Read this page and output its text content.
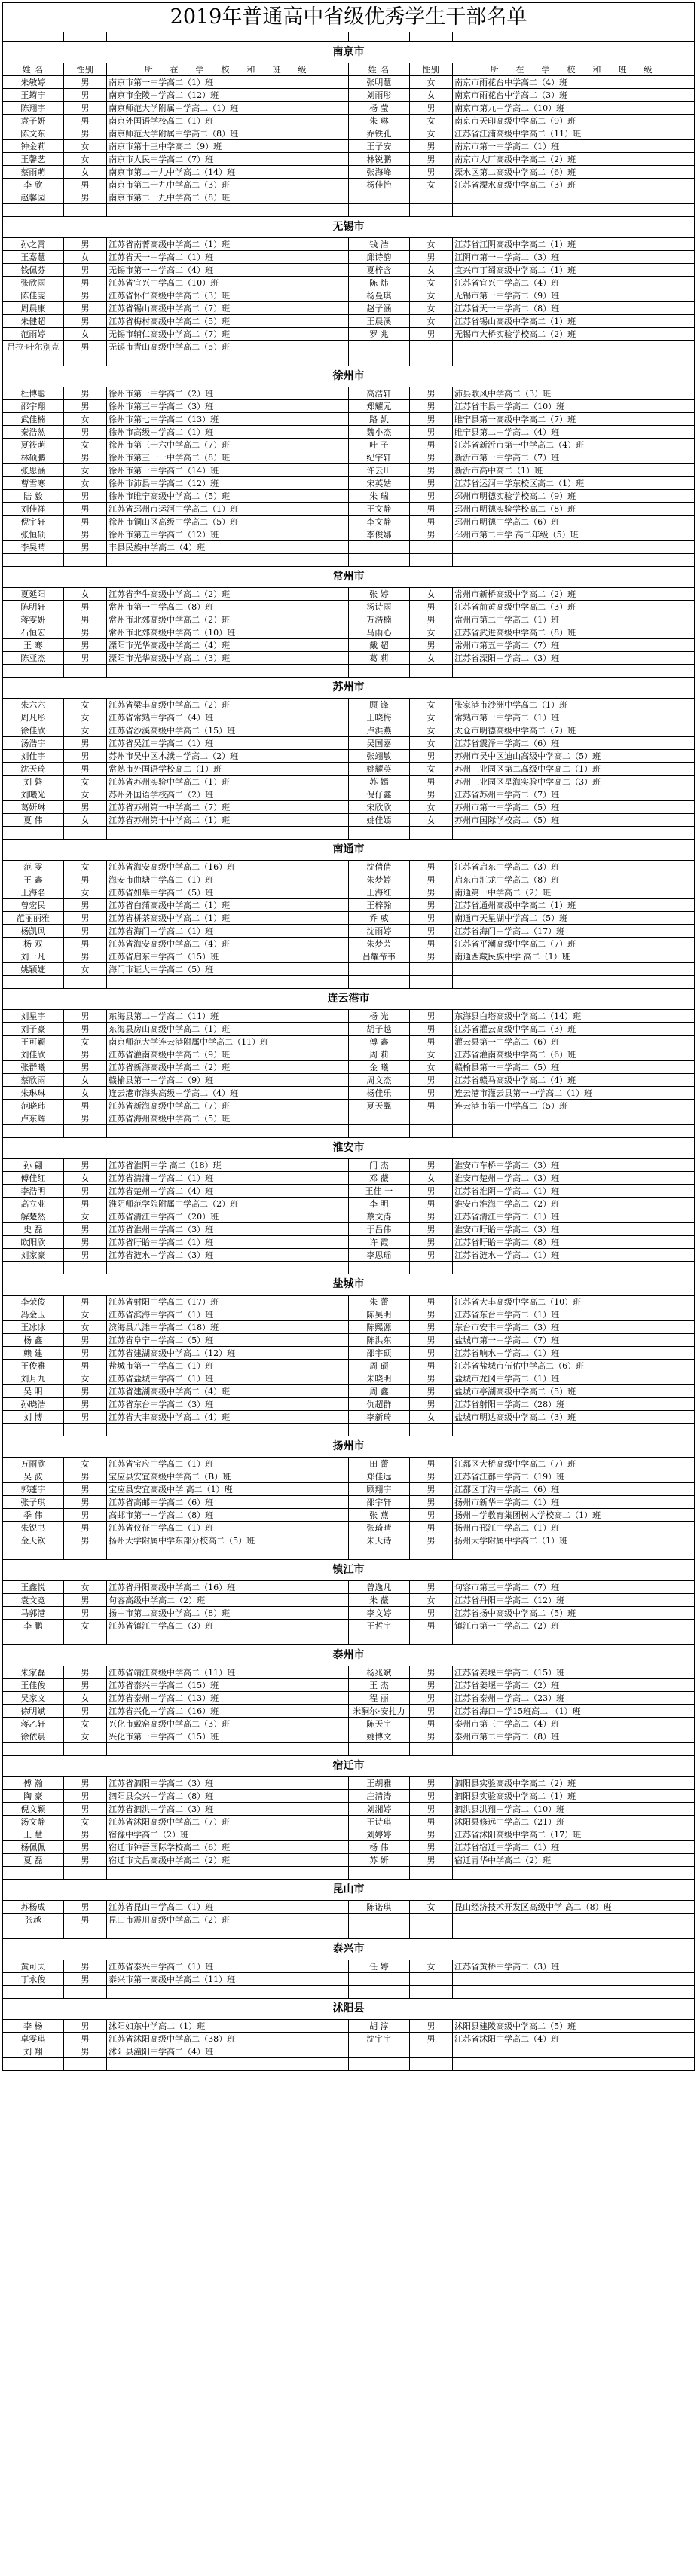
2019年普通高中省级优秀学生干部名单

南京市					
姓 名	性别	所　在　学　校　和　班　级	姓 名	性别	所　在　学　校　和　班　级
朱敏婷	男	南京市第一中学高二（1）班	张明慧	女	南京市雨花台中学高二（4）班
王筠宁	男	南京市金陵中学高二（12）班	刘雨彤	女	南京市雨花台中学高二（3）班
陈翔宇	男	南京师范大学附属中学高二（1）班	杨 莹	男	南京市第九中学高二（10）班
袁子妍	男	南京外国语学校高二（1）班	朱 琳	女	南京市天印高级中学高二（9）班
陈文东	男	南京师范大学附属中学高二（8）班	乔铁孔	女	江苏省江浦高级中学高二（11）班
钟金莉	女	南京市第十三中学高二（9）班	王子安	男	南京市第一中学高二（1）班
王馨艺	女	南京市人民中学高二（7）班	林锐鹏	男	南京市大厂高级中学高二（2）班
蔡雨萌	女	南京市第二十九中学高二（14）班	张海峰	男	溧水区第二高级中学高二（6）班
李 欣	男	南京市第二十九中学高二（3）班	杨佳怡	女	江苏省溧水高级中学高二（3）班
赵馨园	男	南京市第二十九中学高二（8）班			

无锡市					
孙之霄	男	江苏省南菁高级中学高二（1）班	钱 浩	女	江苏省江阴高级中学高二（1）班
王嘉慧	女	江苏省天一中学高二（1）班	邱诗韵	男	江阴市第一中学高二（3）班
钱佩芬	男	无锡市第一中学高二（4）班	夏梓含	女	宜兴市丁蜀高级中学高二（1）班
张欣雨	男	江苏省宜兴中学高二（10）班	陈 炜	女	江苏省宜兴中学高二（4）班
陈佳雯	男	江苏省怀仁高级中学高二（3）班	杨曼琪	女	无锡市第一中学高二（9）班
周晨康	男	江苏省锡山高级中学高二（7）班	赵子涵	女	江苏省天一中学高二（8）班
朱健超	男	江苏省梅村高级中学高二（5）班	王晨溪	女	江苏省锡山高级中学高二（1）班
范雨婷	女	无锡市辅仁高级中学高二（7）班	罗 兆	男	无锡市大桥实验学校高二（2）班
吕拉·叶尔别克	男	无锡市青山高级中学高二（5）班			

徐州市					
杜博聪	男	徐州市第一中学高二（2）班	高浩轩	男	沛县歌风中学高二（3）班
邵宇翔	男	徐州市第三中学高二（3）班	郑耀元	男	江苏省丰县中学高二（10）班
武佳楠	女	徐州市第七中学高二（13）班	路 凯	男	睢宁县第一高级中学高二（7）班
秦浩然	男	徐州市高级中学高二（1）班	魏小杰	男	睢宁县第二中学高二（4）班
夏筱萌	女	徐州市第三十六中学高二（7）班	叶 子	男	江苏省新沂市第一中学高二（4）班
林硕鹏	男	徐州市第三十一中学高二（8）班	纪宇轩	男	新沂市第一中学高二（7）班
张思涵	女	徐州市第一中学高二（14）班	许云川	男	新沂市高中高二（1）班
曹雪寒	女	徐州市沛县中学高二（12）班	宋英姑	男	江苏省运河中学东校区高二（1）班
陆 毅	男	徐州市睢宁高级中学高二（5）班	朱 瑞	男	邳州市明德实验学校高二（9）班
刘佳祥	男	江苏省邳州市运河中学高二（1）班	王文静	男	邳州市明德实验学校高二（8）班
倪宇轩	男	徐州市铜山区高级中学高二（5）班	李文静	男	邳州市明德中学高二（6）班
张恒硕	男	徐州市第五中学高二（12）班	李俊娜	男	邳州市第二中学 高二年级（5）班
李昊晴	男	丰县民族中学高二（4）班			

常州市					
夏延阳	女	江苏省奔牛高级中学高二（2）班	张 婷	女	常州市新桥高级中学高二（2）班
陈明轩	男	常州市第一中学高二（8）班	汤诗雨	男	江苏省前黄高级中学高二（3）班
蒋雯妍	男	常州市北郊高级中学高二（2）班	万浩楠	男	常州市第二中学高二（1）班
石恒宏	男	常州市北郊高级中学高二（10）班	马雨心	女	江苏省武进高级中学高二（8）班
王 骞	男	溧阳市光华高级中学高二（4）班	戴 超	男	常州市第五中学高二（7）班
陈亚杰	男	溧阳市光华高级中学高二（3）班	葛 莉	女	江苏省溧阳中学高二（3）班

苏州市					
朱六六	女	江苏省梁丰高级中学高二（2）班	顾 锋	女	张家港市沙洲中学高二（1）班
周凡彤	女	江苏省常熟中学高二（4）班	王晓梅	女	常熟市第一中学高二（1）班
徐佳欣	女	江苏省沙溪高级中学高二（15）班	卢洪燕	女	太仓市明德高级中学高二（7）班
汤浩宇	男	江苏省吴江中学高二（1）班	吴国嘉	女	江苏省震泽中学高二（6）班
刘仕宇	男	苏州市吴中区木渎中学高二（2）班	张翊敏	男	苏州市吴中区迪山高级中学高二（5）班
沈天琦	男	常熟市外国语学校高二（1）班	姚耀英	女	苏州工业园区第二高级中学高二（1）班
刘 磬	女	江苏省苏州实验中学高二（1）班	苏 嫣	男	苏州工业园区星海实验中学高二（3）班
刘曦光	女	苏州外国语学校高二（2）班	倪仔鑫	男	江苏省苏州中学高二（7）班
葛妍琳	男	江苏省苏州第一中学高二（7）班	宋欣欣	女	苏州市第一中学高二（5）班
夏 伟	女	江苏省苏州第十中学高二（1）班	姚佳嫣	女	苏州市国际学校高二（5）班

南通市					
范 雯	女	江苏省海安高级中学高二（16）班	沈倩倩	男	江苏省启东中学高二（3）班
王 鑫	男	海安市曲塘中学高二（1）班	朱梦婷	男	启东市汇龙中学高二（8）班
王海名	女	江苏省如皋中学高二（5）班	王海红	男	南通第一中学高二（2）班
曾宏民	男	江苏省白蒲高级中学高二（1）班	王梓翰	男	江苏省通州高级中学高二（1）班
范丽丽雅	男	江苏省栟茶高级中学高二（1）班	乔 威	男	南通市天星湖中学高二（5）班
杨凯风	男	江苏省海门中学高二（1）班	沈雨婷	男	江苏省海门中学高二（17）班
杨 双	男	江苏省海安高级中学高二（4）班	朱梦芸	男	江苏省平潮高级中学高二（7）班
刘一凡	男	江苏省启东中学高二（15）班	吕耀帝韦	男	南通西藏民族中学 高二（1）班
姚颖婕	女	海门市证大中学高二（5）班			

连云港市					
刘星宇	男	东海县第二中学高二（11）班	杨 光	男	东海县白塔高级中学高二（14）班
刘子豪	男	东海县房山高级中学高二（1）班	胡子越	男	江苏省灌云高级中学高二（3）班
王可颖	女	南京师范大学连云港附属中学高二（11）班	傅 鑫	男	灌云县第一中学高二（6）班
刘佳欣	男	江苏省灌南高级中学高二（9）班	周 莉	女	江苏省灌南高级中学高二（6）班
张群曦	男	江苏省新海高级中学高二（2）班	金 曦	女	赣榆县第一中学高二（5）班
蔡欣雨	女	赣榆县第一中学高二（9）班	周文杰	男	江苏省赣马高级中学高二（4）班
朱琳琳	女	连云港市海头高级中学高二（4）班	杨佳乐	男	连云港市灌云县第一中学高二（1）班
范晓玮	男	江苏省新海高级中学高二（7）班	夏天翼	男	连云港市第一中学高二（5）班
卢东辉	男	江苏省海州高级中学高二（5）班			

淮安市					
孙 翩	男	江苏省淮阴中学 高二（18）班	门 杰	男	淮安市车桥中学高二（3）班
傅佳红	女	江苏省清浦中学高二（1）班	邓 薇	女	淮安市楚州中学高二（3）班
李浩明	男	江苏省楚州中学高二（4）班	王佳 一	男	江苏省淮阴中学高二（1）班
高立业	男	淮阴师范学院附属中学高二（2）班	李 明	男	淮安市淮海中学高二（2）班
解楚然	女	江苏省清江中学高二（20）班	蔡文涛	男	江苏省清江中学高二（1）班
史 磊	男	江苏省淮州中学高二（3）班	于昌伟	男	淮安市盱眙中学高二（3）班
欧阳欣	男	江苏省盱眙中学高二（1）班	许 霞	男	江苏省盱眙中学高二（8）班
刘家豪	男	江苏省涟水中学高二（3）班	李思瑶	男	江苏省涟水中学高二（1）班

盐城市					
李荣俊	男	江苏省射阳中学高二（17）班	朱 蕾	男	江苏省大丰高级中学高二（10）班
冯金玉	女	江苏省滨海中学高二（1）班	陈昊明	男	江苏省东台中学高二（1）班
王冰冰	女	滨海县八滩中学高二（18）班	陈熙源	男	东台市安丰中学高二（3）班
杨 鑫	男	江苏省阜宁中学高二（5）班	陈洪东	男	盐城市第一中学高二（7）班
赖 建	男	江苏省建湖高级中学高二（12）班	邵宇硕	男	江苏省响水中学高二（1）班
王俊雅	男	盐城市第一中学高二（1）班	周 硕	男	江苏省盐城市伍佑中学高二（6）班
刘月九	女	江苏省盐城中学高二（1）班	朱晓明	男	盐城市龙冈中学高二（1）班
吴 明	男	江苏省建湖高级中学高二（4）班	周 鑫	男	盐城市亭湖高级中学高二（5）班
孙晓浩	男	江苏省东台中学高二（3）班	仇超群	男	江苏省射阳中学高二（28）班
刘 博	男	江苏省大丰高级中学高二（4）班	李新琦	女	盐城市明达高级中学高二（3）班

扬州市					
万雨欣	女	江苏省宝应中学高二（1）班	田 蕾	男	江都区大桥高级中学高二（7）班
吴 波	男	宝应县安宜高级中学高二（B）班	郑佳远	男	江苏省江都中学高二（19）班
郭蓬宇	男	宝应县安宜高级中学 高二（1）班	顾翔宇	男	江都区丁沟中学高二（6）班
张子琪	男	江苏省高邮中学高二（6）班	邵宇轩	男	扬州市新华中学高二（1）班
季 伟	男	高邮市第一中学高二（8）班	张 燕	男	扬州中学教育集团树人学校高二（1）班
朱锐书	男	江苏省仪征中学高二（1）班	张琦晴	男	扬州市邗江中学高二（1）班
金天钦	男	扬州大学附属中学东部分校高二（5）班	朱天诗	男	扬州大学附属中学高二（1）班

镇江市					
王鑫悦	女	江苏省丹阳高级中学高二（16）班	曾逸凡	男	句容市第三中学高二（7）班
袁文竞	男	句容高级中学高二（2）班	朱 薇	女	江苏省丹阳中学高二（12）班
马郭港	男	扬中市第二高级中学高二（8）班	李文婷	男	江苏省扬中高级中学高二（5）班
李 鹏	女	江苏省镇江中学高二（3）班	王哲宇	男	镇江市第一中学高二（2）班

泰州市					
朱家磊	男	江苏省靖江高级中学高二（11）班	杨兆斌	男	江苏省姜堰中学高二（15）班
王佳俊	男	江苏省泰兴中学高二（15）班	王 杰	男	江苏省姜堰中学高二（2）班
吴家文	女	江苏省泰州中学高二（13）班	程 丽	男	江苏省泰州中学高二（23）班
徐明斌	男	江苏省兴化中学高二（16）班	米酮尔·安扎力	男	江苏省海口中学15班高二 （1）班
蒋乙轩	女	兴化市戴窑高级中学高二（3）班	陈天宇	男	泰州市第三中学高二（4）班
徐依晨	女	兴化市第一中学高二（15）班	姚博文	男	泰州市第二中学高二（8）班

宿迁市					
傅 瀚	男	江苏省泗阳中学高二（3）班	王胡雅	男	泗阳县实验高级中学高二（2）班
陶 豪	男	泗阳县众兴中学高二（8）班	庄清涛	男	泗阳县实验高级中学高二（1）班
倪文颖	男	江苏省泗洪中学高二（3）班	刘湘婷	男	泗洪县洪翔中学高二（10）班
汤文静	女	江苏省沭阳高级中学高二（7）班	王诗琪	男	沭阳县修远中学高二（21）班
王 慧	男	宿豫中学高二（2）班	刘婷婷	男	江苏省沭阳高级中学高二（17）班
杨佩佩	男	宿迁市钟吾国际学校高二（6）班	杨 伟	男	江苏省宿迁中学高二（1）班
夏 磊	男	宿迁市文昌高级中学高二（2）班	苏 妍	男	宿迁青华中学高二（2）班

昆山市					
苏杨成	男	江苏省昆山中学高二（1）班	陈诺琪	女	昆山经济技术开发区高级中学 高二（8）班
张越	男	昆山市震川高级中学高二（2）班			

泰兴市					
黄可夫	男	江苏省泰兴中学高二（1）班	任 婷	女	江苏省黄桥中学高二（3）班
丁永俊	男	泰兴市第一高级中学高二（11）班			

沭阳县					
李 杨	男	沭阳如东中学高二（1）班	胡 淳	男	沭阳县建陵高级中学高二（5）班
卓雯琪	男	江苏省沭阳高级中学高二（38）班	沈宇宇	男	江苏省沭阳中学高二（4）班
刘 翔	男	沭阳县潼阳中学高二（4）班			
